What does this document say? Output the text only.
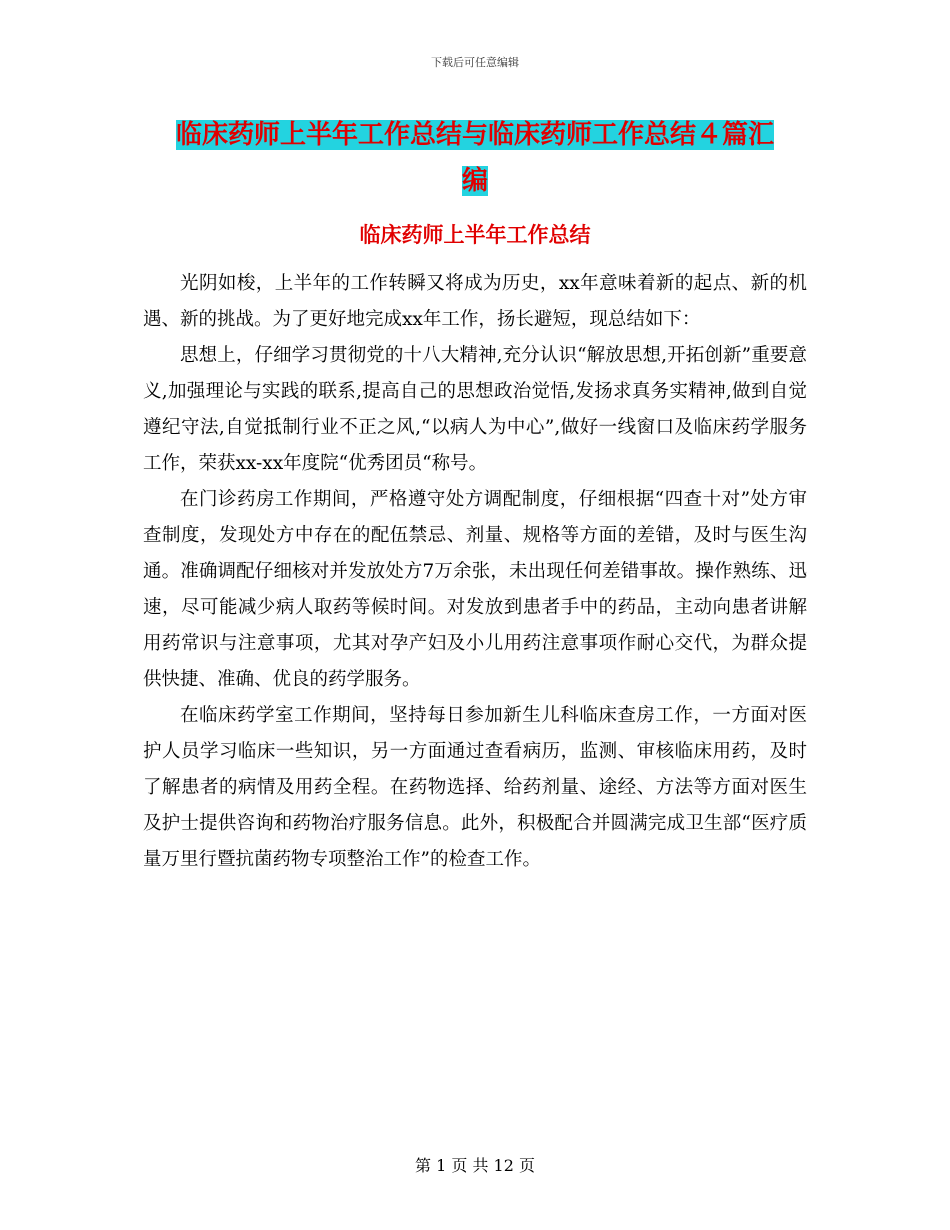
下载后可任意编辑
临床药师上半年工作总结与临床药师工作总结４篇汇
编
临床药师上半年工作总结

光阴如梭，上半年的工作转瞬又将成为历史，xx年意味着新的起点、新的机遇、新的挑战。为了更好地完成xx年工作，扬长避短，现总结如下：

思想上，仔细学习贯彻党的十八大精神,充分认识“解放思想,开拓创新”重要意义,加强理论与实践的联系,提高自己的思想政治觉悟,发扬求真务实精神,做到自觉遵纪守法,自觉抵制行业不正之风,“以病人为中心”,做好一线窗口及临床药学服务工作，荣获xx-xx年度院“优秀团员“称号。

在门诊药房工作期间，严格遵守处方调配制度，仔细根据“四查十对”处方审查制度，发现处方中存在的配伍禁忌、剂量、规格等方面的差错，及时与医生沟通。准确调配仔细核对并发放处方7万余张，未出现任何差错事故。操作熟练、迅速，尽可能减少病人取药等候时间。对发放到患者手中的药品，主动向患者讲解用药常识与注意事项，尤其对孕产妇及小儿用药注意事项作耐心交代，为群众提供快捷、准确、优良的药学服务。

在临床药学室工作期间，坚持每日参加新生儿科临床查房工作，一方面对医护人员学习临床一些知识，另一方面通过查看病历，监测、审核临床用药，及时了解患者的病情及用药全程。在药物选择、给药剂量、途经、方法等方面对医生及护士提供咨询和药物治疗服务信息。此外，积极配合并圆满完成卫生部“医疗质量万里行暨抗菌药物专项整治工作”的检查工作。

第 1 页 共 12 页
